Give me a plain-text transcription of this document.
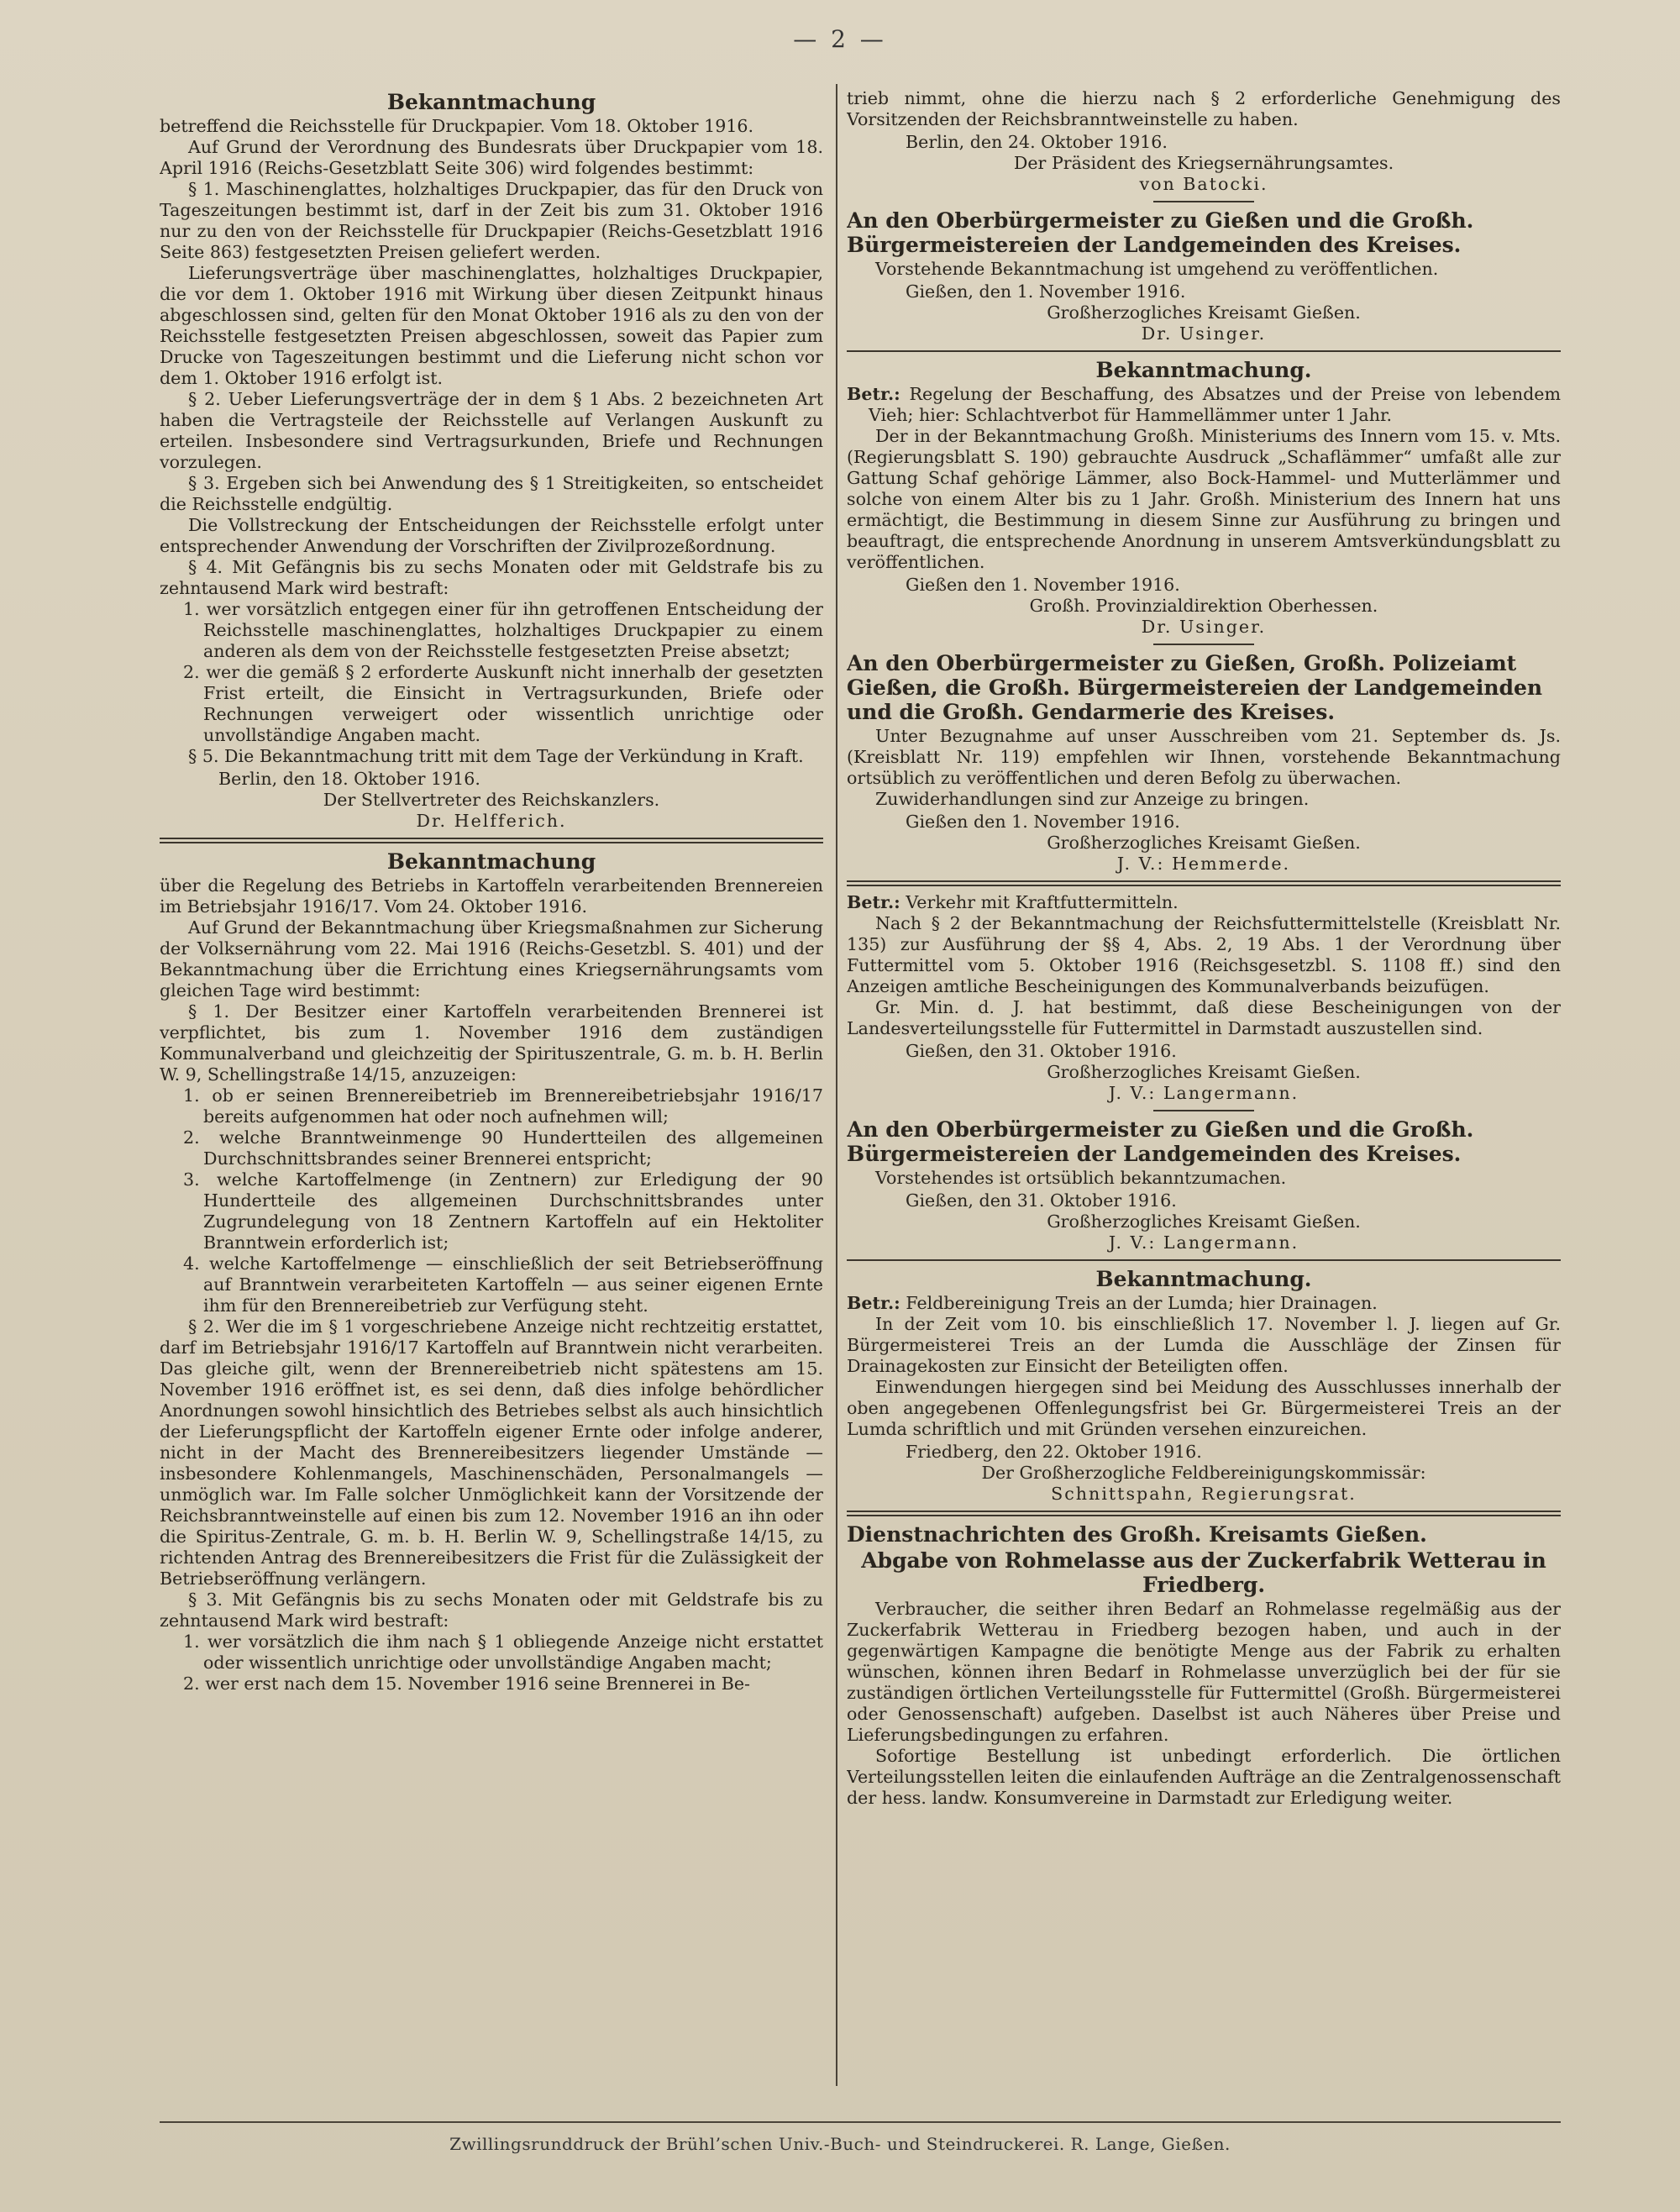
— 2 —
Bekanntmachung

betreffend die Reichsstelle für Druckpapier. Vom 18. Oktober 1916.

Auf Grund der Verordnung des Bundesrats über Druckpapier vom 18. April 1916 (Reichs-Gesetzblatt Seite 306) wird folgendes bestimmt:

§ 1. Maschinenglattes, holzhaltiges Druckpapier, das für den Druck von Tageszeitungen bestimmt ist, darf in der Zeit bis zum 31. Oktober 1916 nur zu den von der Reichsstelle für Druckpapier (Reichs-Gesetzblatt 1916 Seite 863) festgesetzten Preisen geliefert werden.

Lieferungsverträge über maschinenglattes, holzhaltiges Druckpapier, die vor dem 1. Oktober 1916 mit Wirkung über diesen Zeitpunkt hinaus abgeschlossen sind, gelten für den Monat Oktober 1916 als zu den von der Reichsstelle festgesetzten Preisen abgeschlossen, soweit das Papier zum Drucke von Tageszeitungen bestimmt und die Lieferung nicht schon vor dem 1. Oktober 1916 erfolgt ist.

§ 2. Ueber Lieferungsverträge der in dem § 1 Abs. 2 bezeichneten Art haben die Vertragsteile der Reichsstelle auf Verlangen Auskunft zu erteilen. Insbesondere sind Vertragsurkunden, Briefe und Rechnungen vorzulegen.

§ 3. Ergeben sich bei Anwendung des § 1 Streitigkeiten, so entscheidet die Reichsstelle endgültig.

Die Vollstreckung der Entscheidungen der Reichsstelle erfolgt unter entsprechender Anwendung der Vorschriften der Zivilprozeßordnung.

§ 4. Mit Gefängnis bis zu sechs Monaten oder mit Geldstrafe bis zu zehntausend Mark wird bestraft:

1. wer vorsätzlich entgegen einer für ihn getroffenen Entscheidung der Reichsstelle maschinenglattes, holzhaltiges Druckpapier zu einem anderen als dem von der Reichsstelle festgesetzten Preise absetzt;

2. wer die gemäß § 2 erforderte Auskunft nicht innerhalb der gesetzten Frist erteilt, die Einsicht in Vertragsurkunden, Briefe oder Rechnungen verweigert oder wissentlich unrichtige oder unvollständige Angaben macht.

§ 5. Die Bekanntmachung tritt mit dem Tage der Verkündung in Kraft.

Berlin, den 18. Oktober 1916.

Der Stellvertreter des Reichskanzlers.

Dr. Helfferich.

Bekanntmachung

über die Regelung des Betriebs in Kartoffeln verarbeitenden Brennereien im Betriebsjahr 1916/17. Vom 24. Oktober 1916.

Auf Grund der Bekanntmachung über Kriegsmaßnahmen zur Sicherung der Volksernährung vom 22. Mai 1916 (Reichs-Gesetzbl. S. 401) und der Bekanntmachung über die Errichtung eines Kriegsernährungsamts vom gleichen Tage wird bestimmt:

§ 1. Der Besitzer einer Kartoffeln verarbeitenden Brennerei ist verpflichtet, bis zum 1. November 1916 dem zuständigen Kommunalverband und gleichzeitig der Spirituszentrale, G. m. b. H. Berlin W. 9, Schellingstraße 14/15, anzuzeigen:

1. ob er seinen Brennereibetrieb im Brennereibetriebsjahr 1916/17 bereits aufgenommen hat oder noch aufnehmen will;

2. welche Branntweinmenge 90 Hundertteilen des allgemeinen Durchschnittsbrandes seiner Brennerei entspricht;

3. welche Kartoffelmenge (in Zentnern) zur Erledigung der 90 Hundertteile des allgemeinen Durchschnittsbrandes unter Zugrundelegung von 18 Zentnern Kartoffeln auf ein Hektoliter Branntwein erforderlich ist;

4. welche Kartoffelmenge — einschließlich der seit Betriebseröffnung auf Branntwein verarbeiteten Kartoffeln — aus seiner eigenen Ernte ihm für den Brennereibetrieb zur Verfügung steht.

§ 2. Wer die im § 1 vorgeschriebene Anzeige nicht rechtzeitig erstattet, darf im Betriebsjahr 1916/17 Kartoffeln auf Branntwein nicht verarbeiten. Das gleiche gilt, wenn der Brennereibetrieb nicht spätestens am 15. November 1916 eröffnet ist, es sei denn, daß dies infolge behördlicher Anordnungen sowohl hinsichtlich des Betriebes selbst als auch hinsichtlich der Lieferungspflicht der Kartoffeln eigener Ernte oder infolge anderer, nicht in der Macht des Brennereibesitzers liegender Umstände — insbesondere Kohlenmangels, Maschinenschäden, Personalmangels — unmöglich war. Im Falle solcher Unmöglichkeit kann der Vorsitzende der Reichsbranntweinstelle auf einen bis zum 12. November 1916 an ihn oder die Spiritus-Zentrale, G. m. b. H. Berlin W. 9, Schellingstraße 14/15, zu richtenden Antrag des Brennereibesitzers die Frist für die Zulässigkeit der Betriebseröffnung verlängern.

§ 3. Mit Gefängnis bis zu sechs Monaten oder mit Geldstrafe bis zu zehntausend Mark wird bestraft:

1. wer vorsätzlich die ihm nach § 1 obliegende Anzeige nicht erstattet oder wissentlich unrichtige oder unvollständige Angaben macht;

2. wer erst nach dem 15. November 1916 seine Brennerei in Be-

trieb nimmt, ohne die hierzu nach § 2 erforderliche Genehmigung des Vorsitzenden der Reichsbranntweinstelle zu haben.

Berlin, den 24. Oktober 1916.

Der Präsident des Kriegsernährungsamtes.

von Batocki.

An den Oberbürgermeister zu Gießen und die Großh. Bürgermeistereien der Landgemeinden des Kreises.

Vorstehende Bekanntmachung ist umgehend zu veröffentlichen.

Gießen, den 1. November 1916.

Großherzogliches Kreisamt Gießen.

Dr. Usinger.

Bekanntmachung.

Betr.: Regelung der Beschaffung, des Absatzes und der Preise von lebendem Vieh; hier: Schlachtverbot für Hammellämmer unter 1 Jahr.

Der in der Bekanntmachung Großh. Ministeriums des Innern vom 15. v. Mts. (Regierungsblatt S. 190) gebrauchte Ausdruck „Schaflämmer“ umfaßt alle zur Gattung Schaf gehörige Lämmer, also Bock-Hammel- und Mutterlämmer und solche von einem Alter bis zu 1 Jahr. Großh. Ministerium des Innern hat uns ermächtigt, die Bestimmung in diesem Sinne zur Ausführung zu bringen und beauftragt, die entsprechende Anordnung in unserem Amtsverkündungsblatt zu veröffentlichen.

Gießen den 1. November 1916.

Großh. Provinzialdirektion Oberhessen.

Dr. Usinger.

An den Oberbürgermeister zu Gießen, Großh. Polizeiamt Gießen, die Großh. Bürgermeistereien der Landgemeinden und die Großh. Gendarmerie des Kreises.

Unter Bezugnahme auf unser Ausschreiben vom 21. September ds. Js. (Kreisblatt Nr. 119) empfehlen wir Ihnen, vorstehende Bekanntmachung ortsüblich zu veröffentlichen und deren Befolg zu überwachen.

Zuwiderhandlungen sind zur Anzeige zu bringen.

Gießen den 1. November 1916.

Großherzogliches Kreisamt Gießen.

J. V.: Hemmerde.

Betr.: Verkehr mit Kraftfuttermitteln.

Nach § 2 der Bekanntmachung der Reichsfuttermittelstelle (Kreisblatt Nr. 135) zur Ausführung der §§ 4, Abs. 2, 19 Abs. 1 der Verordnung über Futtermittel vom 5. Oktober 1916 (Reichsgesetzbl. S. 1108 ff.) sind den Anzeigen amtliche Bescheinigungen des Kommunalverbands beizufügen.

Gr. Min. d. J. hat bestimmt, daß diese Bescheinigungen von der Landesverteilungsstelle für Futtermittel in Darmstadt auszustellen sind.

Gießen, den 31. Oktober 1916.

Großherzogliches Kreisamt Gießen.

J. V.: Langermann.

An den Oberbürgermeister zu Gießen und die Großh. Bürgermeistereien der Landgemeinden des Kreises.

Vorstehendes ist ortsüblich bekanntzumachen.

Gießen, den 31. Oktober 1916.

Großherzogliches Kreisamt Gießen.

J. V.: Langermann.

Bekanntmachung.

Betr.: Feldbereinigung Treis an der Lumda; hier Drainagen.

In der Zeit vom 10. bis einschließlich 17. November l. J. liegen auf Gr. Bürgermeisterei Treis an der Lumda die Ausschläge der Zinsen für Drainagekosten zur Einsicht der Beteiligten offen.

Einwendungen hiergegen sind bei Meidung des Ausschlusses innerhalb der oben angegebenen Offenlegungsfrist bei Gr. Bürgermeisterei Treis an der Lumda schriftlich und mit Gründen versehen einzureichen.

Friedberg, den 22. Oktober 1916.

Der Großherzogliche Feldbereinigungskommissär:

Schnittspahn, Regierungsrat.

Dienstnachrichten des Großh. Kreisamts Gießen.
Abgabe von Rohmelasse aus der Zuckerfabrik Wetterau in Friedberg.

Verbraucher, die seither ihren Bedarf an Rohmelasse regelmäßig aus der Zuckerfabrik Wetterau in Friedberg bezogen haben, und auch in der gegenwärtigen Kampagne die benötigte Menge aus der Fabrik zu erhalten wünschen, können ihren Bedarf in Rohmelasse unverzüglich bei der für sie zuständigen örtlichen Verteilungsstelle für Futtermittel (Großh. Bürgermeisterei oder Genossenschaft) aufgeben. Daselbst ist auch Näheres über Preise und Lieferungsbedingungen zu erfahren.

Sofortige Bestellung ist unbedingt erforderlich. Die örtlichen Verteilungsstellen leiten die einlaufenden Aufträge an die Zentralgenossenschaft der hess. landw. Konsumvereine in Darmstadt zur Erledigung weiter.

Zwillingsrunddruck der Brühl’schen Univ.-Buch- und Steindruckerei. R. Lange, Gießen.
